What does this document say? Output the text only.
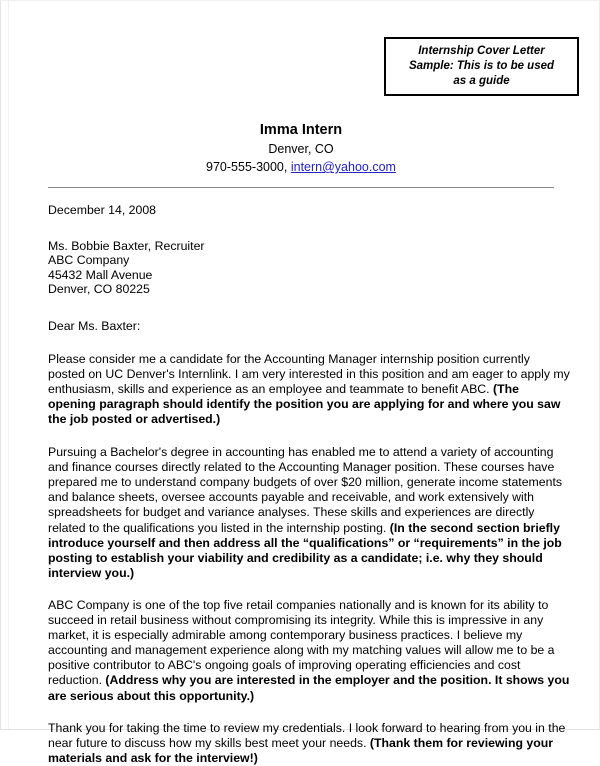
Internship Cover Letter
Sample: This is to be used
as a guide
Imma Intern
Denver, CO
970-555-3000, intern@yahoo.com
December 14, 2008
Ms. Bobbie Baxter, Recruiter
ABC Company
45432 Mall Avenue
Denver, CO 80225
Dear Ms. Baxter:

Please consider me a candidate for the Accounting Manager internship position currently posted on UC Denver's Internlink. I am very interested in this position and am eager to apply my enthusiasm, skills and experience as an employee and teammate to benefit ABC. (The opening paragraph should identify the position you are applying for and where you saw the job posted or advertised.)

Pursuing a Bachelor's degree in accounting has enabled me to attend a variety of accounting and finance courses directly related to the Accounting Manager position. These courses have prepared me to understand company budgets of over $20 million, generate income statements and balance sheets, oversee accounts payable and receivable, and work extensively with spreadsheets for budget and variance analyses. These skills and experiences are directly related to the qualifications you listed in the internship posting. (In the second section briefly introduce yourself and then address all the “qualifications” or “requirements” in the job posting to establish your viability and credibility as a candidate; i.e. why they should interview you.)

ABC Company is one of the top five retail companies nationally and is known for its ability to succeed in retail business without compromising its integrity. While this is impressive in any market, it is especially admirable among contemporary business practices. I believe my accounting and management experience along with my matching values will allow me to be a positive contributor to ABC's ongoing goals of improving operating efficiencies and cost reduction. (Address why you are interested in the employer and the position. It shows you are serious about this opportunity.)

Thank you for taking the time to review my credentials. I look forward to hearing from you in the near future to discuss how my skills best meet your needs. (Thank them for reviewing your materials and ask for the interview!)
